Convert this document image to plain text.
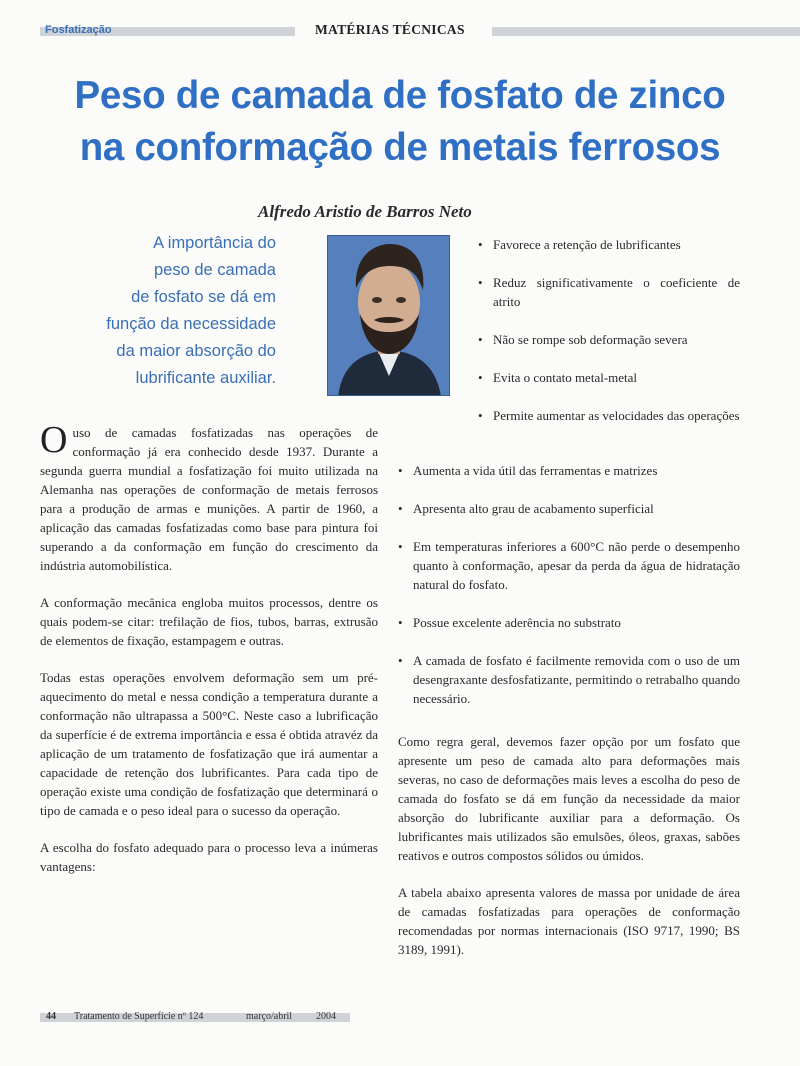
Fosfatização	MATÉRIAS TÉCNICAS
Peso de camada de fosfato de zinco
na conformação de metais ferrosos
Alfredo Aristio de Barros Neto
A importância do
peso de camada
de fosfato se dá em
função da necessidade
da maior absorção do
lubrificante auxiliar.
• Favorece a retenção de lubrificantes
• Reduz significativamente o coeficiente de atrito
• Não se rompe sob deformação severa
• Evita o contato metal-metal
• Permite aumentar as velocidades das operações

Ouso de camadas fosfatizadas nas operações de conformação já era conhecido desde 1937. Durante a segunda guerra mundial a fosfatização foi muito utilizada na Alemanha nas operações de conformação de metais ferrosos para a produção de armas e munições. A partir de 1960, a aplicação das camadas fosfatizadas como base para pintura foi superando a da conformação em função do crescimento da indústria automobilística.

A conformação mecânica engloba muitos processos, dentre os quais podem-se citar: trefilação de fios, tubos, barras, extrusão de elementos de fixação, estampagem e outras.

Todas estas operações envolvem deformação sem um pré-aquecimento do metal e nessa condição a temperatura durante a conformação não ultrapassa a 500°C. Neste caso a lubrificação da superfície é de extrema importância e essa é obtida atravéz da aplicação de um tratamento de fosfatização que irá aumentar a capacidade de retenção dos lubrificantes. Para cada tipo de operação existe uma condição de fosfatização que determinará o tipo de camada e o peso ideal para o sucesso da operação.

A escolha do fosfato adequado para o processo leva a inúmeras vantagens:

• Aumenta a vida útil das ferramentas e matrizes
• Apresenta alto grau de acabamento superficial
• Em temperaturas inferiores a 600°C não perde o desempenho quanto à conformação, apesar da perda da água de hidratação natural do fosfato.
• Possue excelente aderência no substrato
• A camada de fosfato é facilmente removida com o uso de um desengraxante desfosfatizante, permitindo o retrabalho quando necessário.

Como regra geral, devemos fazer opção por um fosfato que apresente um peso de camada alto para deformações mais severas, no caso de deformações mais leves a escolha do peso de camada do fosfato se dá em função da necessidade da maior absorção do lubrificante auxiliar para a deformação. Os lubrificantes mais utilizados são emulsões, óleos, graxas, sabões reativos e outros compostos sólidos ou úmidos.

A tabela abaixo apresenta valores de massa por unidade de área de camadas fosfatizadas para operações de conformação recomendadas por normas internacionais (ISO 9717, 1990; BS 3189, 1991).

44 Tratamento de Superfície nº 124	março/abril 2004
